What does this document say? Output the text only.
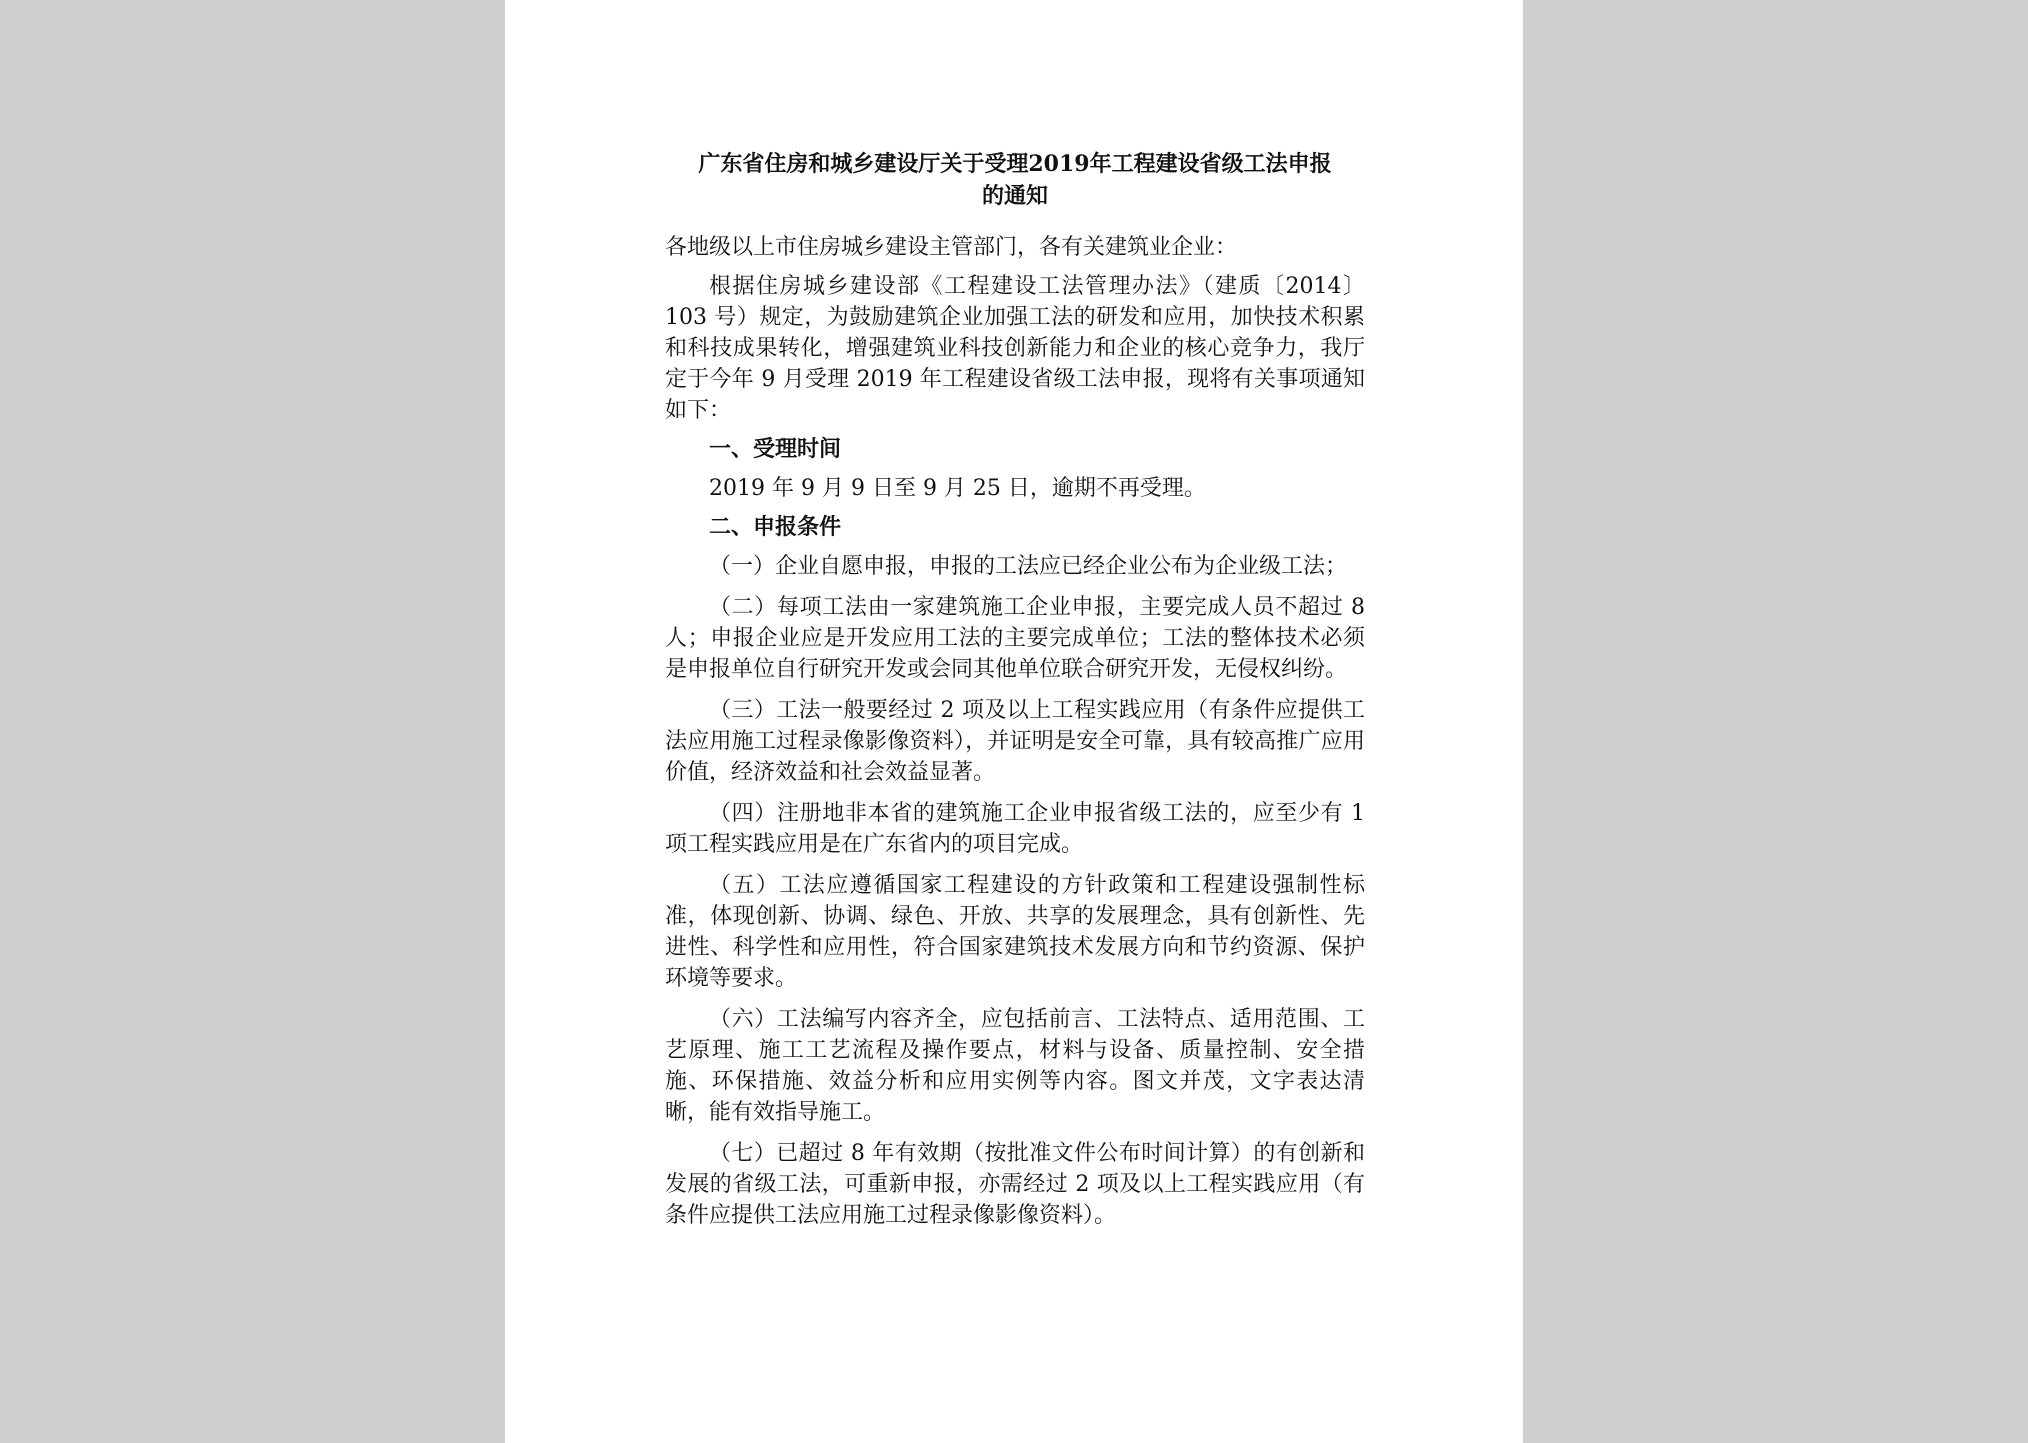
广东省住房和城乡建设厅关于受理2019年工程建设省级工法申报
的通知

各地级以上市住房城乡建设主管部门，各有关建筑业企业：

根据住房城乡建设部《工程建设工法管理办法》（建质〔2014〕103 号）规定，为鼓励建筑企业加强工法的研发和应用，加快技术积累和科技成果转化，增强建筑业科技创新能力和企业的核心竞争力，我厅定于今年 9 月受理 2019 年工程建设省级工法申报，现将有关事项通知如下：

一、受理时间

2019 年 9 月 9 日至 9 月 25 日，逾期不再受理。

二、申报条件

（一）企业自愿申报，申报的工法应已经企业公布为企业级工法；

（二）每项工法由一家建筑施工企业申报，主要完成人员不超过 8 人；申报企业应是开发应用工法的主要完成单位；工法的整体技术必须是申报单位自行研究开发或会同其他单位联合研究开发，无侵权纠纷。

（三）工法一般要经过 2 项及以上工程实践应用（有条件应提供工法应用施工过程录像影像资料），并证明是安全可靠，具有较高推广应用价值，经济效益和社会效益显著。

（四）注册地非本省的建筑施工企业申报省级工法的，应至少有 1 项工程实践应用是在广东省内的项目完成。

（五）工法应遵循国家工程建设的方针政策和工程建设强制性标准，体现创新、协调、绿色、开放、共享的发展理念，具有创新性、先进性、科学性和应用性，符合国家建筑技术发展方向和节约资源、保护环境等要求。

（六）工法编写内容齐全，应包括前言、工法特点、适用范围、工艺原理、施工工艺流程及操作要点，材料与设备、质量控制、安全措施、环保措施、效益分析和应用实例等内容。图文并茂，文字表达清晰，能有效指导施工。

（七）已超过 8 年有效期（按批准文件公布时间计算）的有创新和发展的省级工法，可重新申报，亦需经过 2 项及以上工程实践应用（有条件应提供工法应用施工过程录像影像资料）。
